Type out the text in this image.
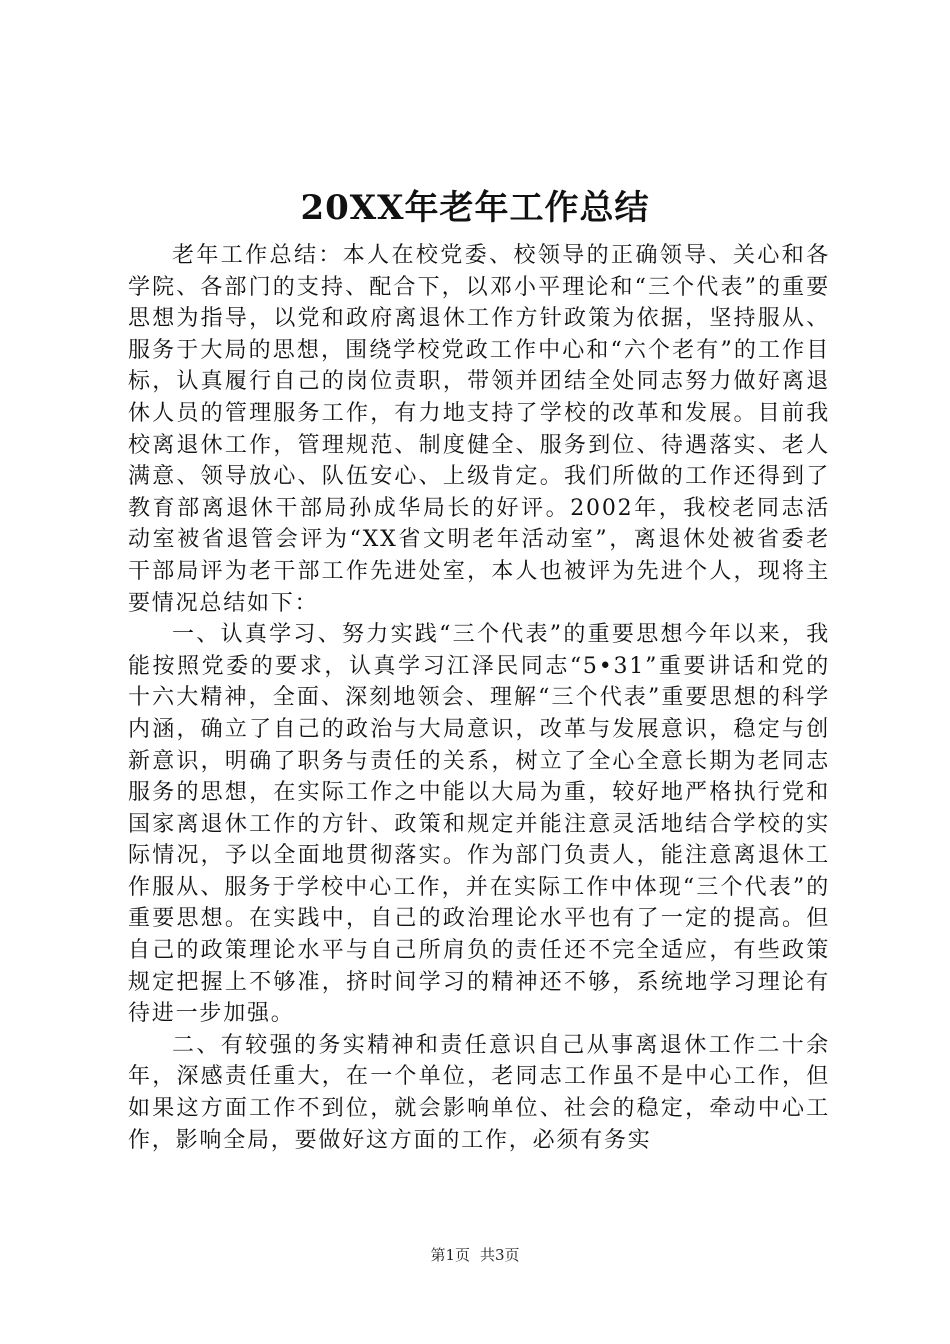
20XX年老年工作总结

老年工作总结：本人在校党委、校领导的正确领导、关心和各学院、各部门的支持、配合下，以邓小平理论和“三个代表”的重要思想为指导，以党和政府离退休工作方针政策为依据，坚持服从、服务于大局的思想，围绕学校党政工作中心和“六个老有”的工作目标，认真履行自己的岗位责职，带领并团结全处同志努力做好离退休人员的管理服务工作，有力地支持了学校的改革和发展。目前我校离退休工作，管理规范、制度健全、服务到位、待遇落实、老人满意、领导放心、队伍安心、上级肯定。我们所做的工作还得到了教育部离退休干部局孙成华局长的好评。2002年，我校老同志活动室被省退管会评为“XX省文明老年活动室”，离退休处被省委老干部局评为老干部工作先进处室，本人也被评为先进个人，现将主要情况总结如下：

一、认真学习、努力实践“三个代表”的重要思想今年以来，我能按照党委的要求，认真学习江泽民同志“5•31”重要讲话和党的十六大精神，全面、深刻地领会、理解“三个代表”重要思想的科学内涵，确立了自己的政治与大局意识，改革与发展意识，稳定与创新意识，明确了职务与责任的关系，树立了全心全意长期为老同志服务的思想，在实际工作之中能以大局为重，较好地严格执行党和国家离退休工作的方针、政策和规定并能注意灵活地结合学校的实际情况，予以全面地贯彻落实。作为部门负责人，能注意离退休工作服从、服务于学校中心工作，并在实际工作中体现“三个代表”的重要思想。在实践中，自己的政治理论水平也有了一定的提高。但自己的政策理论水平与自己所肩负的责任还不完全适应，有些政策规定把握上不够准，挤时间学习的精神还不够，系统地学习理论有待进一步加强。

二、有较强的务实精神和责任意识自己从事离退休工作二十余年，深感责任重大，在一个单位，老同志工作虽不是中心工作，但如果这方面工作不到位，就会影响单位、社会的稳定，牵动中心工作，影响全局，要做好这方面的工作，必须有务实

第1页 共3页
